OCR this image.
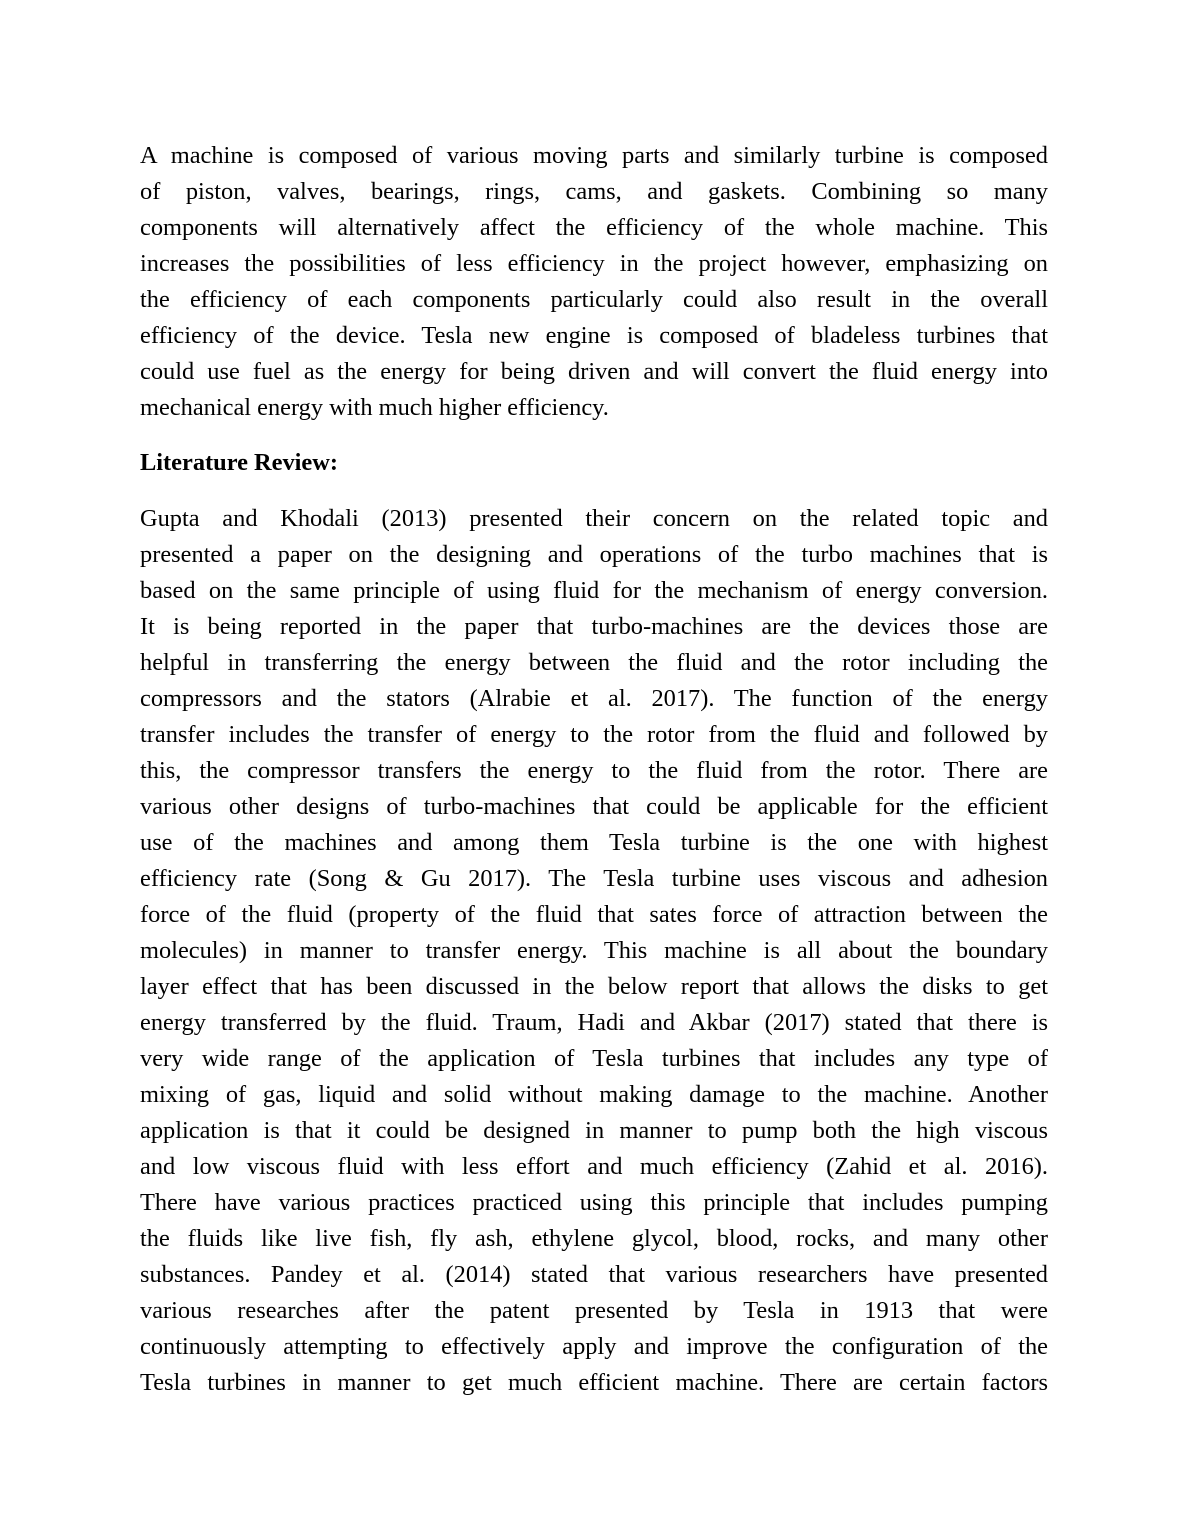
A machine is composed of various moving parts and similarly turbine is composed
of piston, valves, bearings, rings, cams, and gaskets. Combining so many
components will alternatively affect the efficiency of the whole machine. This
increases the possibilities of less efficiency in the project however, emphasizing on
the efficiency of each components particularly could also result in the overall
efficiency of the device. Tesla new engine is composed of bladeless turbines that
could use fuel as the energy for being driven and will convert the fluid energy into
mechanical energy with much higher efficiency.
Literature Review:
Gupta and Khodali (2013) presented their concern on the related topic and
presented a paper on the designing and operations of the turbo machines that is
based on the same principle of using fluid for the mechanism of energy conversion.
It is being reported in the paper that turbo-machines are the devices those are
helpful in transferring the energy between the fluid and the rotor including the
compressors and the stators (Alrabie et al. 2017). The function of the energy
transfer includes the transfer of energy to the rotor from the fluid and followed by
this, the compressor transfers the energy to the fluid from the rotor. There are
various other designs of turbo-machines that could be applicable for the efficient
use of the machines and among them Tesla turbine is the one with highest
efficiency rate (Song & Gu 2017). The Tesla turbine uses viscous and adhesion
force of the fluid (property of the fluid that sates force of attraction between the
molecules) in manner to transfer energy. This machine is all about the boundary
layer effect that has been discussed in the below report that allows the disks to get
energy transferred by the fluid. Traum, Hadi and Akbar (2017) stated that there is
very wide range of the application of Tesla turbines that includes any type of
mixing of gas, liquid and solid without making damage to the machine. Another
application is that it could be designed in manner to pump both the high viscous
and low viscous fluid with less effort and much efficiency (Zahid et al. 2016).
There have various practices practiced using this principle that includes pumping
the fluids like live fish, fly ash, ethylene glycol, blood, rocks, and many other
substances. Pandey et al. (2014) stated that various researchers have presented
various researches after the patent presented by Tesla in 1913 that were
continuously attempting to effectively apply and improve the configuration of the
Tesla turbines in manner to get much efficient machine. There are certain factors
